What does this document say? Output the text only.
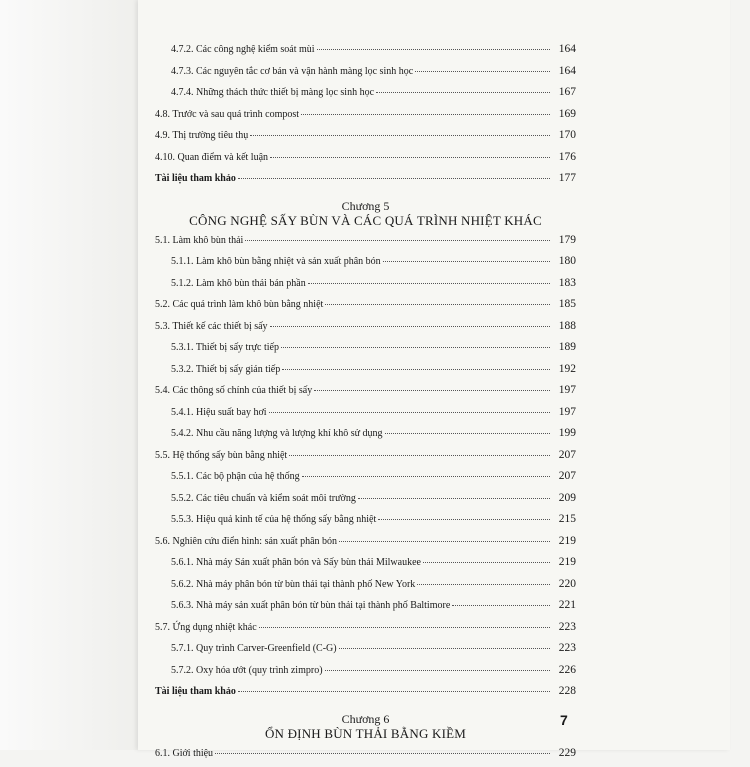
4.7.2. Các công nghệ kiểm soát mùi	164
4.7.3. Các nguyên tắc cơ bản và vận hành màng lọc sinh học	164
4.7.4. Những thách thức thiết bị màng lọc sinh học	167
4.8. Trước và sau quá trình compost	169
4.9. Thị trường tiêu thụ	170
4.10. Quan điểm và kết luận	176
Tài liệu tham khảo	177
Chương 5
CÔNG NGHỆ SẤY BÙN VÀ CÁC QUÁ TRÌNH NHIỆT KHÁC
5.1. Làm khô bùn thải	179
5.1.1. Làm khô bùn bằng nhiệt và sản xuất phân bón	180
5.1.2. Làm khô bùn thải bán phần	183
5.2. Các quá trình làm khô bùn bằng nhiệt	185
5.3. Thiết kế các thiết bị sấy	188
5.3.1. Thiết bị sấy trực tiếp	189
5.3.2. Thiết bị sấy gián tiếp	192
5.4. Các thông số chính của thiết bị sấy	197
5.4.1. Hiệu suất bay hơi	197
5.4.2. Nhu cầu năng lượng và lượng khí khô sử dụng	199
5.5. Hệ thống sấy bùn bằng nhiệt	207
5.5.1. Các bộ phận của hệ thống	207
5.5.2. Các tiêu chuẩn và kiểm soát môi trường	209
5.5.3. Hiệu quả kinh tế của hệ thống sấy bằng nhiệt	215
5.6. Nghiên cứu điển hình: sản xuất phân bón	219
5.6.1. Nhà máy Sản xuất phân bón và Sấy bùn thải Milwaukee	219
5.6.2. Nhà máy phân bón từ bùn thải tại thành phố New York	220
5.6.3. Nhà máy sản xuất phân bón từ bùn thải tại thành phố Baltimore	221
5.7. Ứng dụng nhiệt khác	223
5.7.1. Quy trình Carver-Greenfield (C-G)	223
5.7.2. Oxy hóa ướt (quy trình zimpro)	226
Tài liệu tham khảo	228
Chương 6
ỔN ĐỊNH BÙN THẢI BẰNG KIỀM
6.1. Giới thiệu	229
7
